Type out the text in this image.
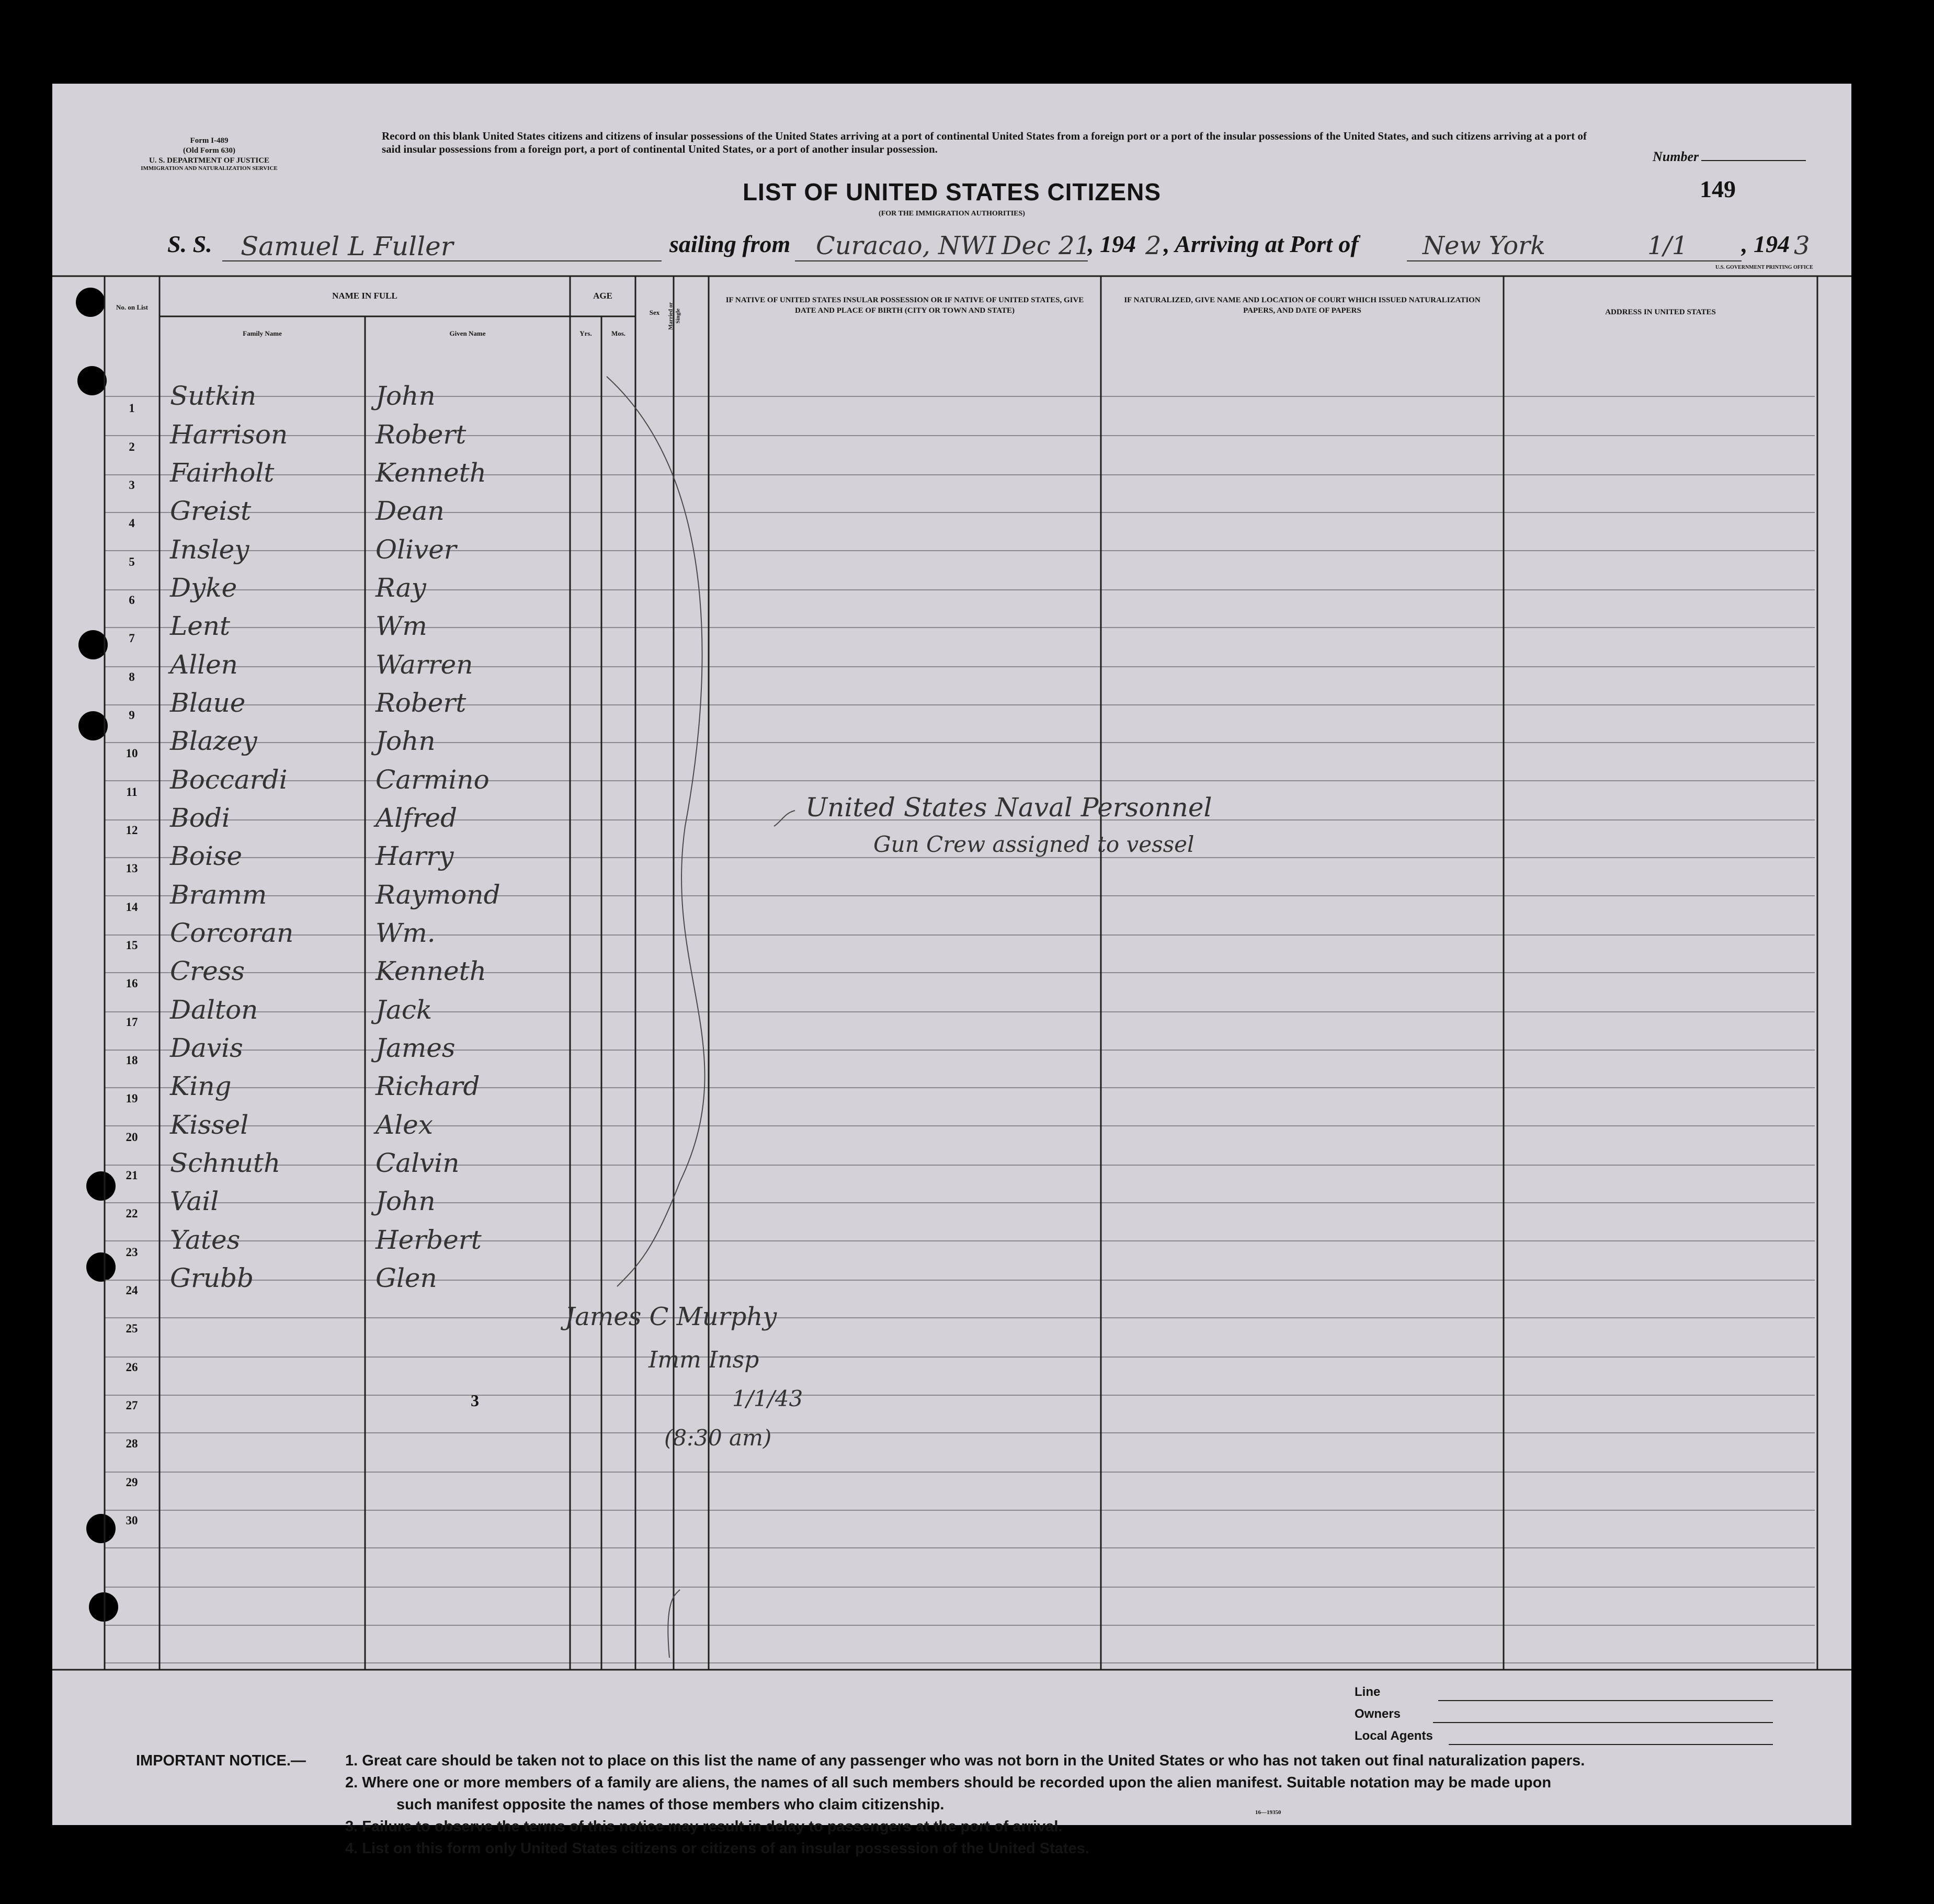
Form I-489
(Old Form 630)
U. S. DEPARTMENT OF JUSTICE
IMMIGRATION AND NATURALIZATION SERVICE
Record on this blank United States citizens and citizens of insular possessions of the United States arriving at a port of continental United States from a foreign port or a port of the insular possessions of the United States, and such citizens arriving at a port of said insular possessions from a foreign port, a port of continental United States, or a port of another insular possession.	Number
149
LIST OF UNITED STATES CITIZENS
(FOR THE IMMIGRATION AUTHORITIES)
S. S. Samuel L Fuller	sailing from Curacao, NWI Dec 21
, 194 2 , Arriving at Port of	New York	1/1 , 194 3
U.S. GOVERNMENT PRINTING OFFICE
No. on List
NAME IN FULL
Family Name	Given Name
AGE
Yrs.	Mos.
Sex	Married or Single
IF NATIVE OF UNITED STATES INSULAR POSSESSION OR IF NATIVE OF UNITED STATES, GIVE DATE AND PLACE OF BIRTH (CITY OR TOWN AND STATE)
IF NATURALIZED, GIVE NAME AND LOCATION OF COURT WHICH ISSUED NATURALIZATION PAPERS, AND DATE OF PAPERS	ADDRESS IN UNITED STATES
1	Sutkin	John
2	Harrison	Robert
3	Fairholt	Kenneth
4	Greist	Dean
5	Insley	Oliver
6	Dyke	Ray
7	Lent	Wm
8	Allen	Warren
9	Blaue	Robert
10	Blazey	John
11	Boccardi	Carmino
12	Bodi	Alfred
13	Boise	Harry
14	Bramm	Raymond
15	Corcoran	Wm.
16	Cress	Kenneth
17	Dalton	Jack
18	Davis	James
19	King	Richard
20	Kissel	Alex
21	Schnuth	Calvin
22	Vail	John
23	Yates	Herbert
24	Grubb	Glen
25
26
27
28
29
30
United States Naval Personnel
Gun Crew assigned to vessel
James C Murphy
Imm Insp
1/1/43
(8:30 am)
3
Line
Owners
Local Agents
IMPORTANT NOTICE.—	1. Great care should be taken not to place on this list the name of any passenger who was not born in the United States or who has not taken out final naturalization papers.
2. Where one or more members of a family are aliens, the names of all such members should be recorded upon the alien manifest. Suitable notation may be made upon
such manifest opposite the names of those members who claim citizenship.
3. Failure to observe the terms of this notice may result in delay to passengers at the port of arrival.
4. List on this form only United States citizens or citizens of an insular possession of the United States.
16—19350
